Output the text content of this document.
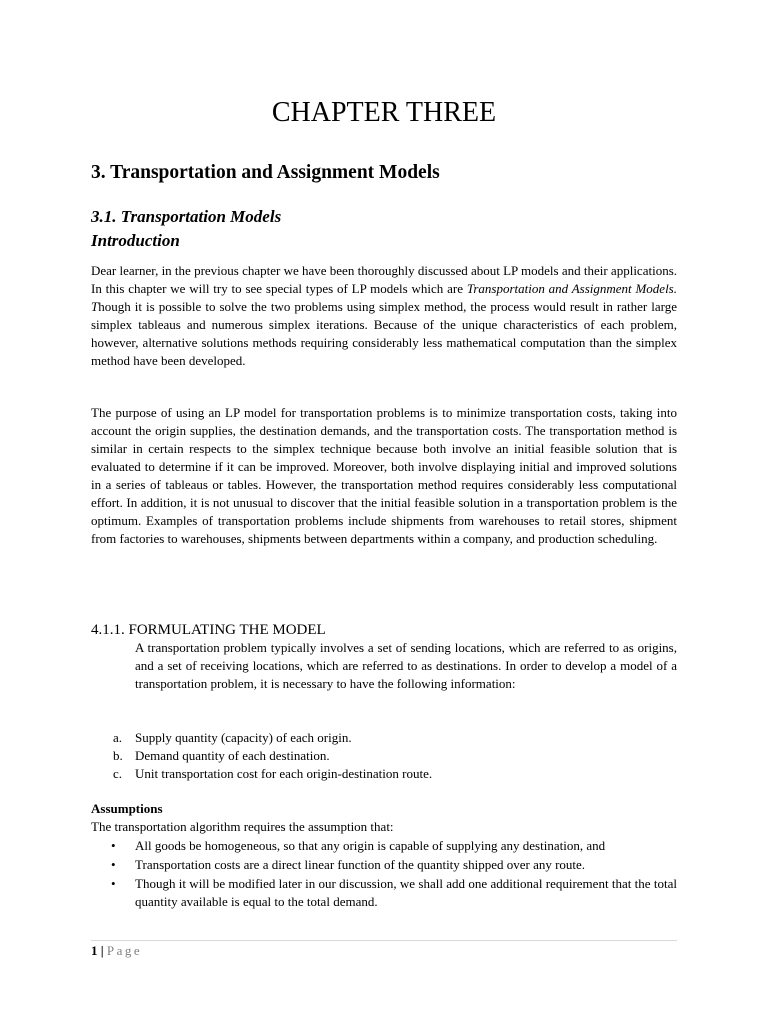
CHAPTER THREE
3. Transportation and Assignment Models
3.1. Transportation Models
Introduction

Dear learner, in the previous chapter we have been thoroughly discussed about LP models and their applications. In this chapter we will try to see special types of LP models which are Transportation and Assignment Models. Though it is possible to solve the two problems using simplex method, the process would result in rather large simplex tableaus and numerous simplex iterations. Because of the unique characteristics of each problem, however, alternative solutions methods requiring considerably less mathematical computation than the simplex method have been developed.

The purpose of using an LP model for transportation problems is to minimize transportation costs, taking into account the origin supplies, the destination demands, and the transportation costs. The transportation method is similar in certain respects to the simplex technique because both involve an initial feasible solution that is evaluated to determine if it can be improved. Moreover, both involve displaying initial and improved solutions in a series of tableaus or tables. However, the transportation method requires considerably less computational effort. In addition, it is not unusual to discover that the initial feasible solution in a transportation problem is the optimum. Examples of transportation problems include shipments from warehouses to retail stores, shipment from factories to warehouses, shipments between departments within a company, and production scheduling.

4.1.1. FORMULATING THE MODEL

A transportation problem typically involves a set of sending locations, which are referred to as origins, and a set of receiving locations, which are referred to as destinations. In order to develop a model of a transportation problem, it is necessary to have the following information:

a. Supply quantity (capacity) of each origin.
b. Demand quantity of each destination.
c. Unit transportation cost for each origin-destination route.

Assumptions

The transportation algorithm requires the assumption that:

• All goods be homogeneous, so that any origin is capable of supplying any destination, and
• Transportation costs are a direct linear function of the quantity shipped over any route.
• Though it will be modified later in our discussion, we shall add one additional requirement that the total quantity available is equal to the total demand.

1 | Page
